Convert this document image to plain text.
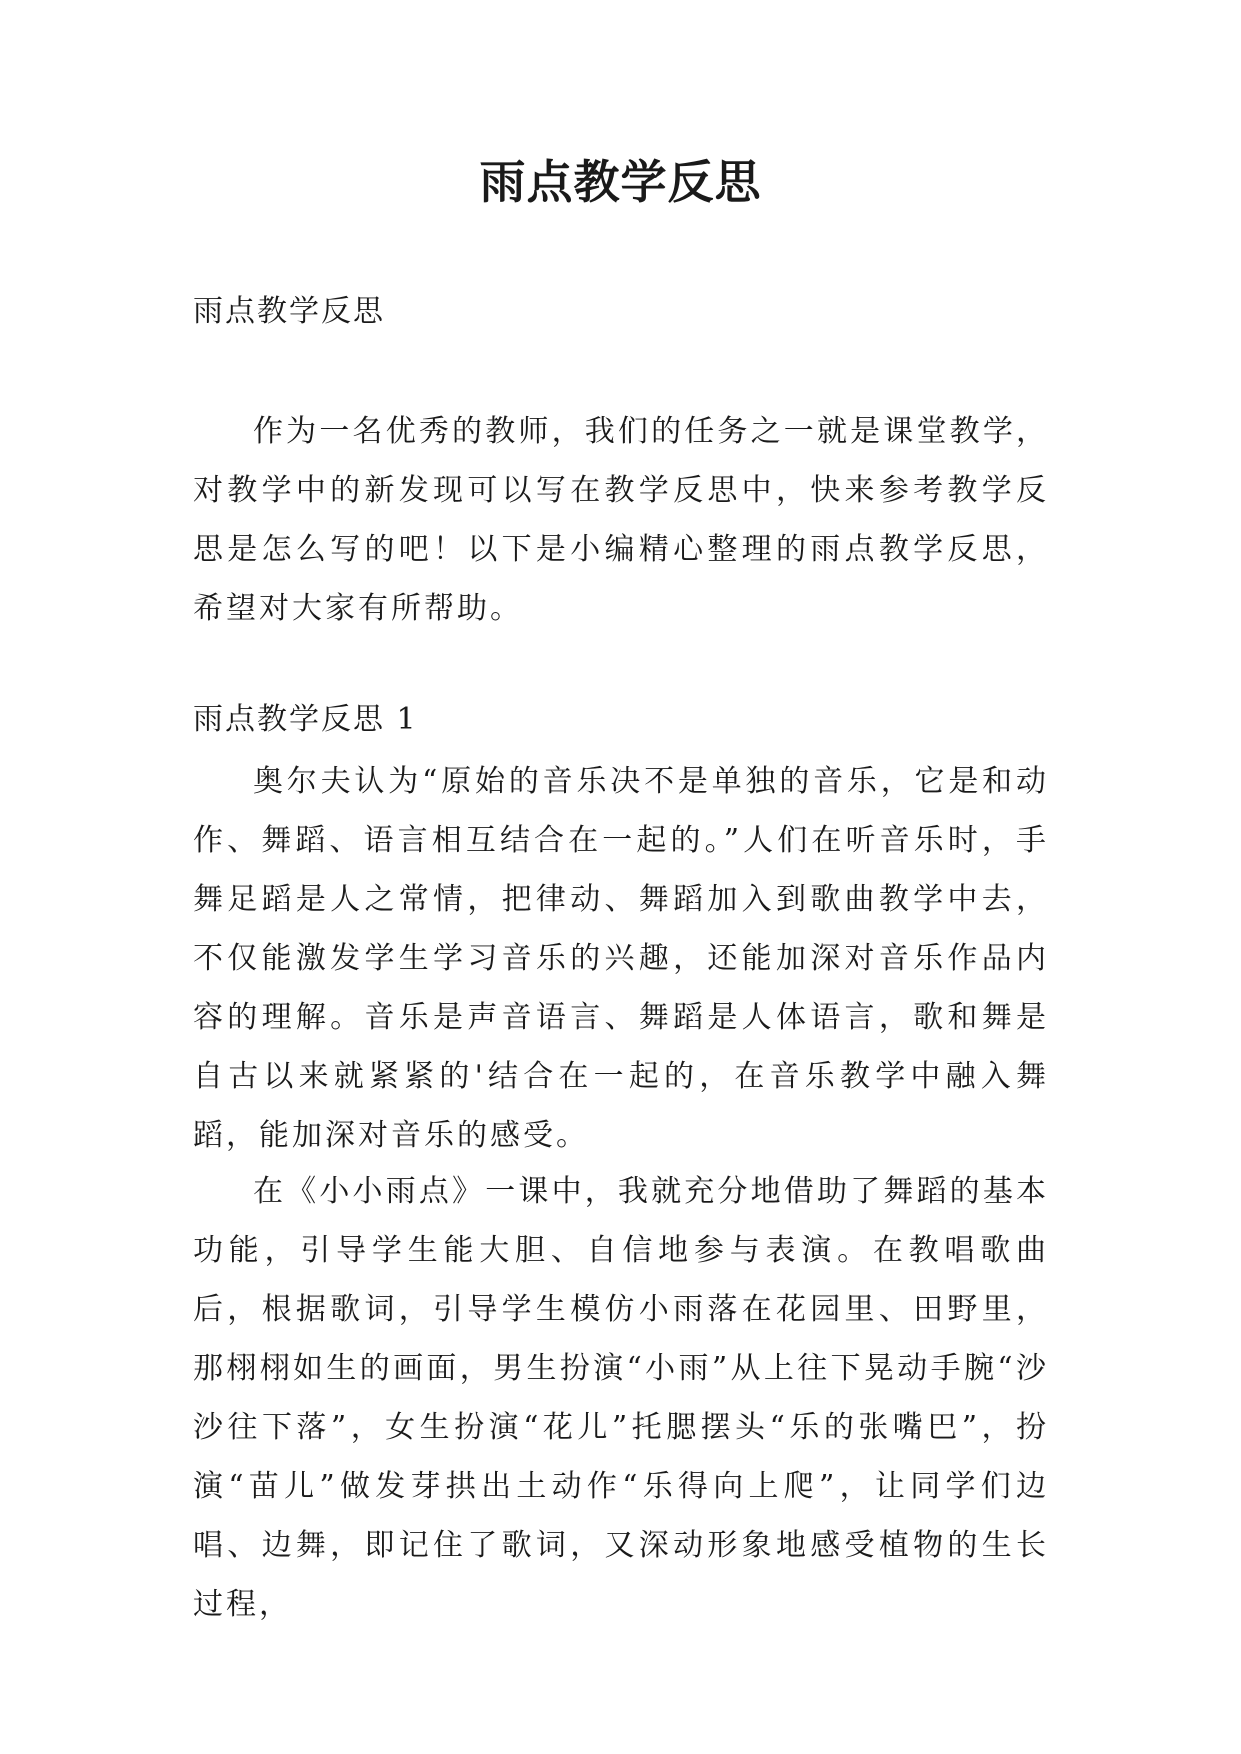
雨点教学反思

雨点教学反思

作为一名优秀的教师，我们的任务之一就是课堂教学，对教学中的新发现可以写在教学反思中，快来参考教学反思是怎么写的吧！以下是小编精心整理的雨点教学反思，希望对大家有所帮助。

雨点教学反思 1

奥尔夫认为“原始的音乐决不是单独的音乐，它是和动作、舞蹈、语言相互结合在一起的。”人们在听音乐时，手舞足蹈是人之常情，把律动、舞蹈加入到歌曲教学中去，不仅能激发学生学习音乐的兴趣，还能加深对音乐作品内容的理解。音乐是声音语言、舞蹈是人体语言，歌和舞是自古以来就紧紧的'结合在一起的，在音乐教学中融入舞蹈，能加深对音乐的感受。

在《小小雨点》一课中，我就充分地借助了舞蹈的基本功能，引导学生能大胆、自信地参与表演。在教唱歌曲后，根据歌词，引导学生模仿小雨落在花园里、田野里，那栩栩如生的画面，男生扮演“小雨”从上往下晃动手腕“沙沙往下落”，女生扮演“花儿”托腮摆头“乐的张嘴巴”，扮演“苗儿”做发芽拱出土动作“乐得向上爬”，让同学们边唱、边舞，即记住了歌词，又深动形象地感受植物的生长过程，
